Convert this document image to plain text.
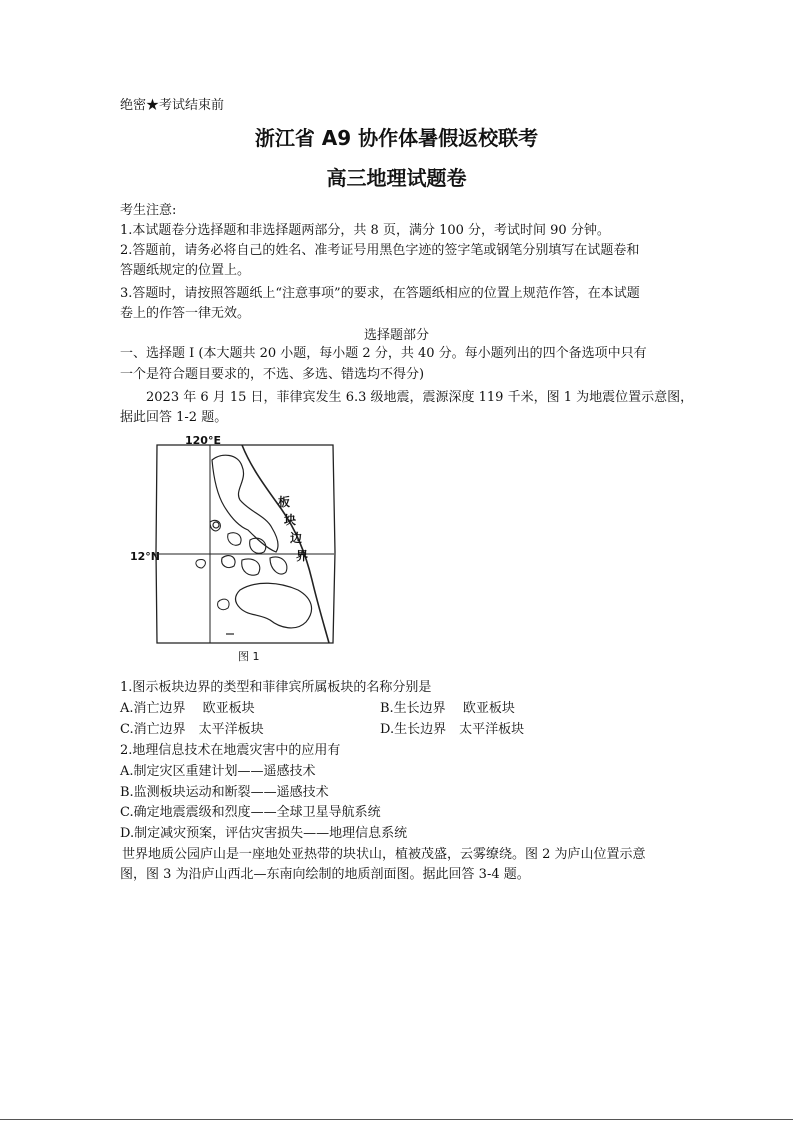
绝密★考试结束前
浙江省 A9 协作体暑假返校联考
高三地理试题卷
考生注意:
1.本试题卷分选择题和非选择题两部分，共 8 页，满分 100 分，考试时间 90 分钟。
2.答题前，请务必将自己的姓名、准考证号用黑色字迹的签字笔或钢笔分别填写在试题卷和
答题纸规定的位置上。
3.答题时，请按照答题纸上“注意事项”的要求，在答题纸相应的位置上规范作答，在本试题
卷上的作答一律无效。
选择题部分
一、选择题 I (本大题共 20 小题，每小题 2 分，共 40 分。每小题列出的四个备选项中只有
一个是符合题目要求的，不选、多选、错选均不得分)
2023 年 6 月 15 日，菲律宾发生 6.3 级地震，震源深度 119 千米，图 1 为地震位置示意图，
据此回答 1-2 题。
120°E
12°N
板
块
边
界
图 1
1.图示板块边界的类型和菲律宾所属板块的名称分别是
A.消亡边界　 欧亚板块	B.生长边界　 欧亚板块
C.消亡边界　太平洋板块	D.生长边界　太平洋板块
2.地理信息技术在地震灾害中的应用有
A.制定灾区重建计划——遥感技术
B.监测板块运动和断裂——遥感技术
C.确定地震震级和烈度——全球卫星导航系统
D.制定减灾预案，评估灾害损失——地理信息系统
世界地质公园庐山是一座地处亚热带的块状山，植被茂盛，云雾缭绕。图 2 为庐山位置示意
图，图 3 为沿庐山西北—东南向绘制的地质剖面图。据此回答 3-4 题。
